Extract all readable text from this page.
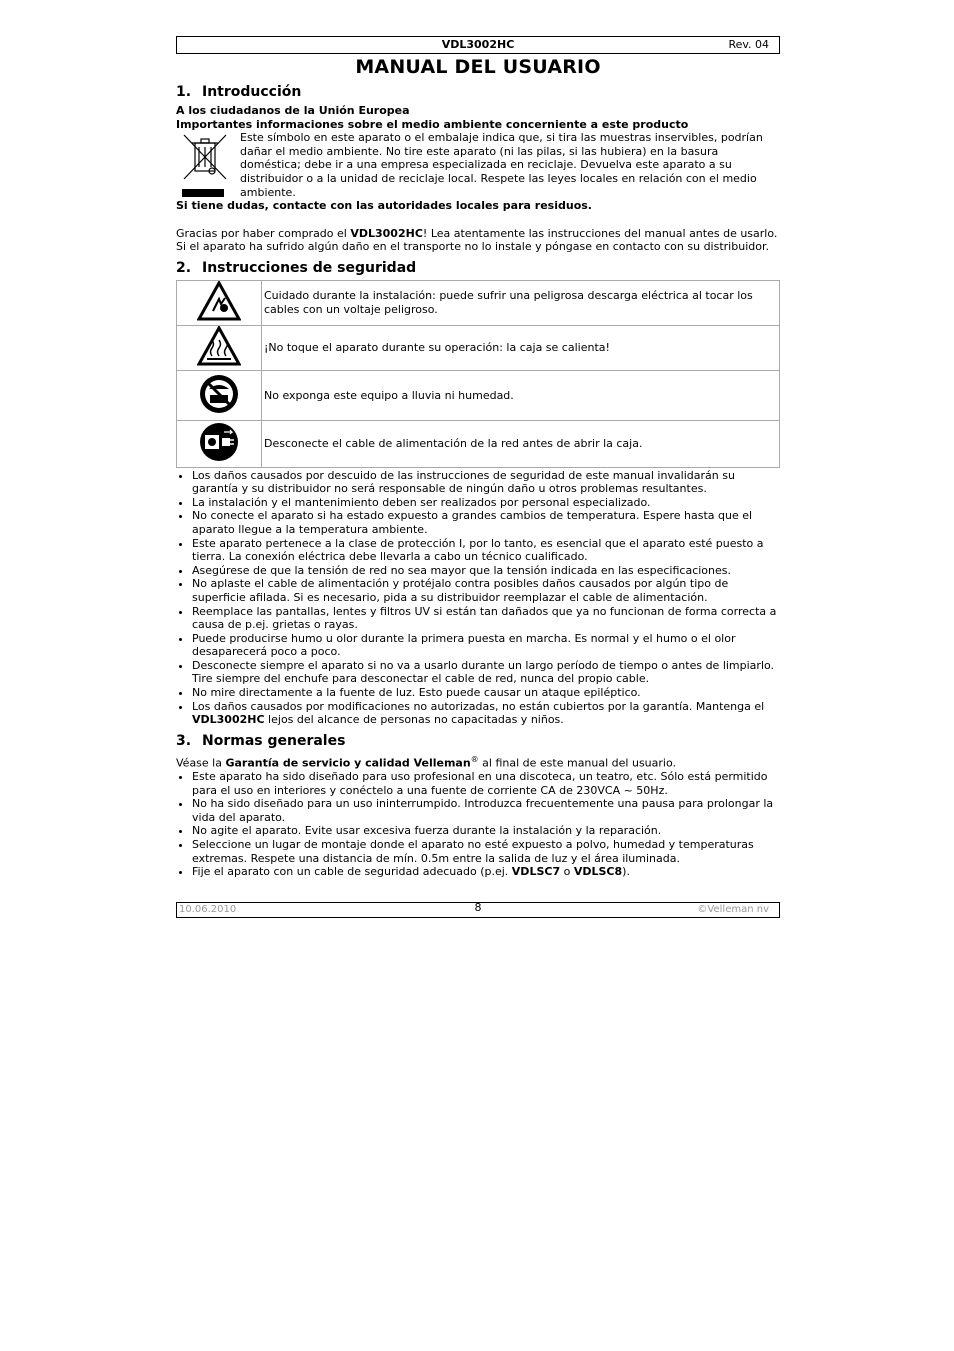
VDL3002HC	Rev. 04
MANUAL DEL USUARIO
1. Introducción

A los ciudadanos de la Unión Europea

Importantes informaciones sobre el medio ambiente concerniente a este producto

Este símbolo en este aparato o el embalaje indica que, si tira las muestras inservibles, podrían dañar el medio ambiente. No tire este aparato (ni las pilas, si las hubiera) en la basura doméstica; debe ir a una empresa especializada en reciclaje. Devuelva este aparato a su distribuidor o a la unidad de reciclaje local. Respete las leyes locales en relación con el medio ambiente.

Si tiene dudas, contacte con las autoridades locales para residuos.

Gracias por haber comprado el VDL3002HC! Lea atentamente las instrucciones del manual antes de usarlo. Si el aparato ha sufrido algún daño en el transporte no lo instale y póngase en contacto con su distribuidor.

2. Instrucciones de seguridad
	Cuidado durante la instalación: puede sufrir una peligrosa descarga eléctrica al tocar los cables con un voltaje peligroso.
	¡No toque el aparato durante su operación: la caja se calienta!
	No exponga este equipo a lluvia ni humedad.
	Desconecte el cable de alimentación de la red antes de abrir la caja.
• Los daños causados por descuido de las instrucciones de seguridad de este manual invalidarán su garantía y su distribuidor no será responsable de ningún daño u otros problemas resultantes.
• La instalación y el mantenimiento deben ser realizados por personal especializado.
• No conecte el aparato si ha estado expuesto a grandes cambios de temperatura. Espere hasta que el aparato llegue a la temperatura ambiente.
• Este aparato pertenece a la clase de protección I, por lo tanto, es esencial que el aparato esté puesto a tierra. La conexión eléctrica debe llevarla a cabo un técnico cualificado.
• Asegúrese de que la tensión de red no sea mayor que la tensión indicada en las especificaciones.
• No aplaste el cable de alimentación y protéjalo contra posibles daños causados por algún tipo de superficie afilada. Si es necesario, pida a su distribuidor reemplazar el cable de alimentación.
• Reemplace las pantallas, lentes y filtros UV si están tan dañados que ya no funcionan de forma correcta a causa de p.ej. grietas o rayas.
• Puede producirse humo u olor durante la primera puesta en marcha. Es normal y el humo o el olor desaparecerá poco a poco.
• Desconecte siempre el aparato si no va a usarlo durante un largo período de tiempo o antes de limpiarlo. Tire siempre del enchufe para desconectar el cable de red, nunca del propio cable.
• No mire directamente a la fuente de luz. Esto puede causar un ataque epiléptico.
• Los daños causados por modificaciones no autorizadas, no están cubiertos por la garantía. Mantenga el VDL3002HC lejos del alcance de personas no capacitadas y niños.
3. Normas generales

Véase la Garantía de servicio y calidad Velleman® al final de este manual del usuario.

• Este aparato ha sido diseñado para uso profesional en una discoteca, un teatro, etc. Sólo está permitido para el uso en interiores y conéctelo a una fuente de corriente CA de 230VCA ~ 50Hz.
• No ha sido diseñado para un uso ininterrumpido. Introduzca frecuentemente una pausa para prolongar la vida del aparato.
• No agite el aparato. Evite usar excesiva fuerza durante la instalación y la reparación.
• Seleccione un lugar de montaje donde el aparato no esté expuesto a polvo, humedad y temperaturas extremas. Respete una distancia de mín. 0.5m entre la salida de luz y el área iluminada.
• Fije el aparato con un cable de seguridad adecuado (p.ej. VDLSC7 o VDLSC8).
10.06.2010	8	©Velleman nv
